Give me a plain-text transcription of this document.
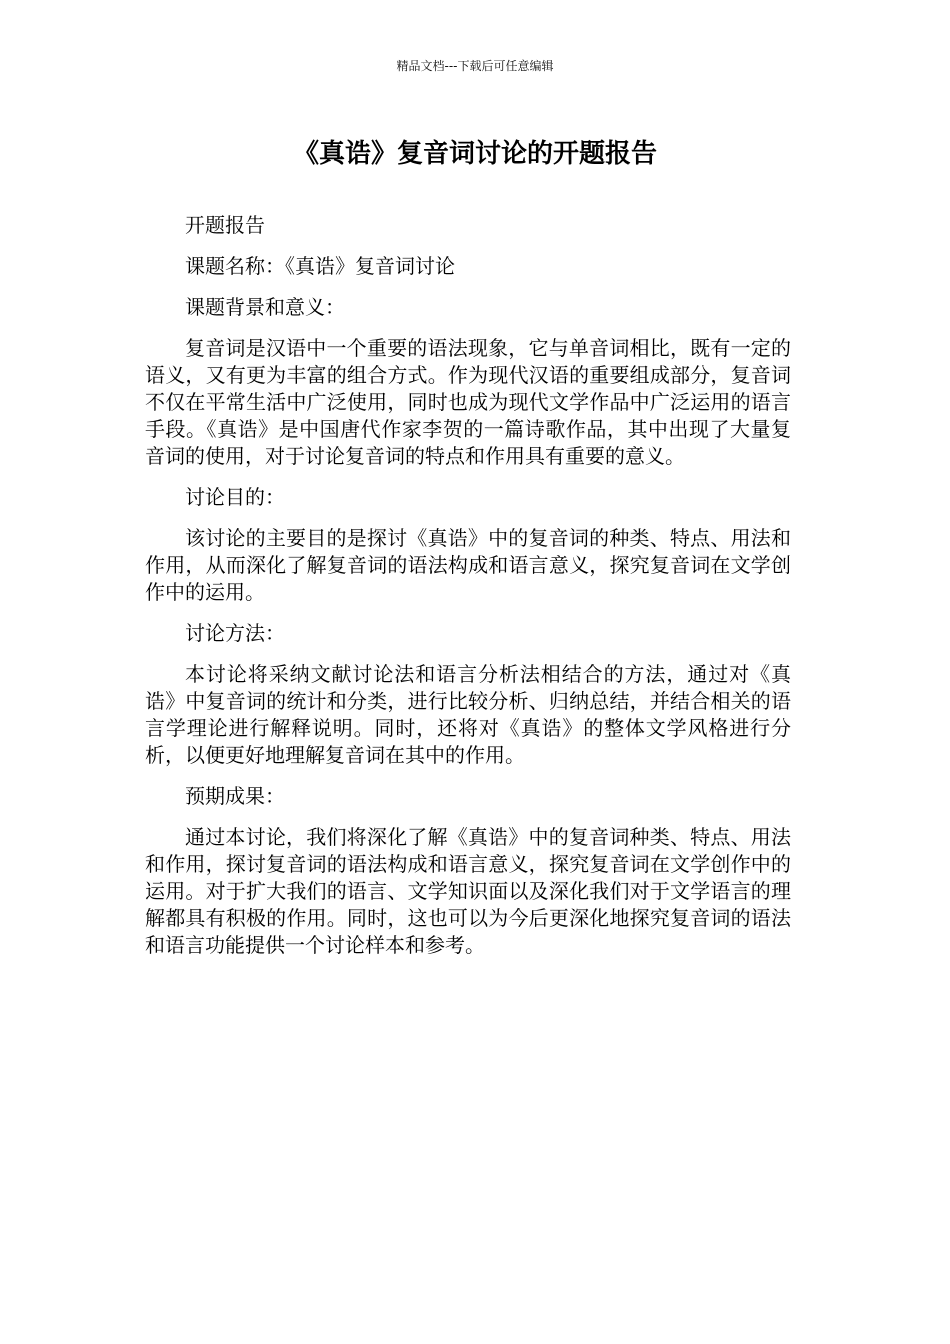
精品文档---下载后可任意编辑
《真诰》复音词讨论的开题报告

开题报告

课题名称：《真诰》复音词讨论

课题背景和意义：

复音词是汉语中一个重要的语法现象，它与单音词相比，既有一定的语义，又有更为丰富的组合方式。作为现代汉语的重要组成部分，复音词不仅在平常生活中广泛使用，同时也成为现代文学作品中广泛运用的语言手段。《真诰》是中国唐代作家李贺的一篇诗歌作品，其中出现了大量复音词的使用，对于讨论复音词的特点和作用具有重要的意义。

讨论目的：

该讨论的主要目的是探讨《真诰》中的复音词的种类、特点、用法和作用，从而深化了解复音词的语法构成和语言意义，探究复音词在文学创作中的运用。

讨论方法：

本讨论将采纳文献讨论法和语言分析法相结合的方法，通过对《真诰》中复音词的统计和分类，进行比较分析、归纳总结，并结合相关的语言学理论进行解释说明。同时，还将对《真诰》的整体文学风格进行分析，以便更好地理解复音词在其中的作用。

预期成果：

通过本讨论，我们将深化了解《真诰》中的复音词种类、特点、用法和作用，探讨复音词的语法构成和语言意义，探究复音词在文学创作中的运用。对于扩大我们的语言、文学知识面以及深化我们对于文学语言的理解都具有积极的作用。同时，这也可以为今后更深化地探究复音词的语法和语言功能提供一个讨论样本和参考。
